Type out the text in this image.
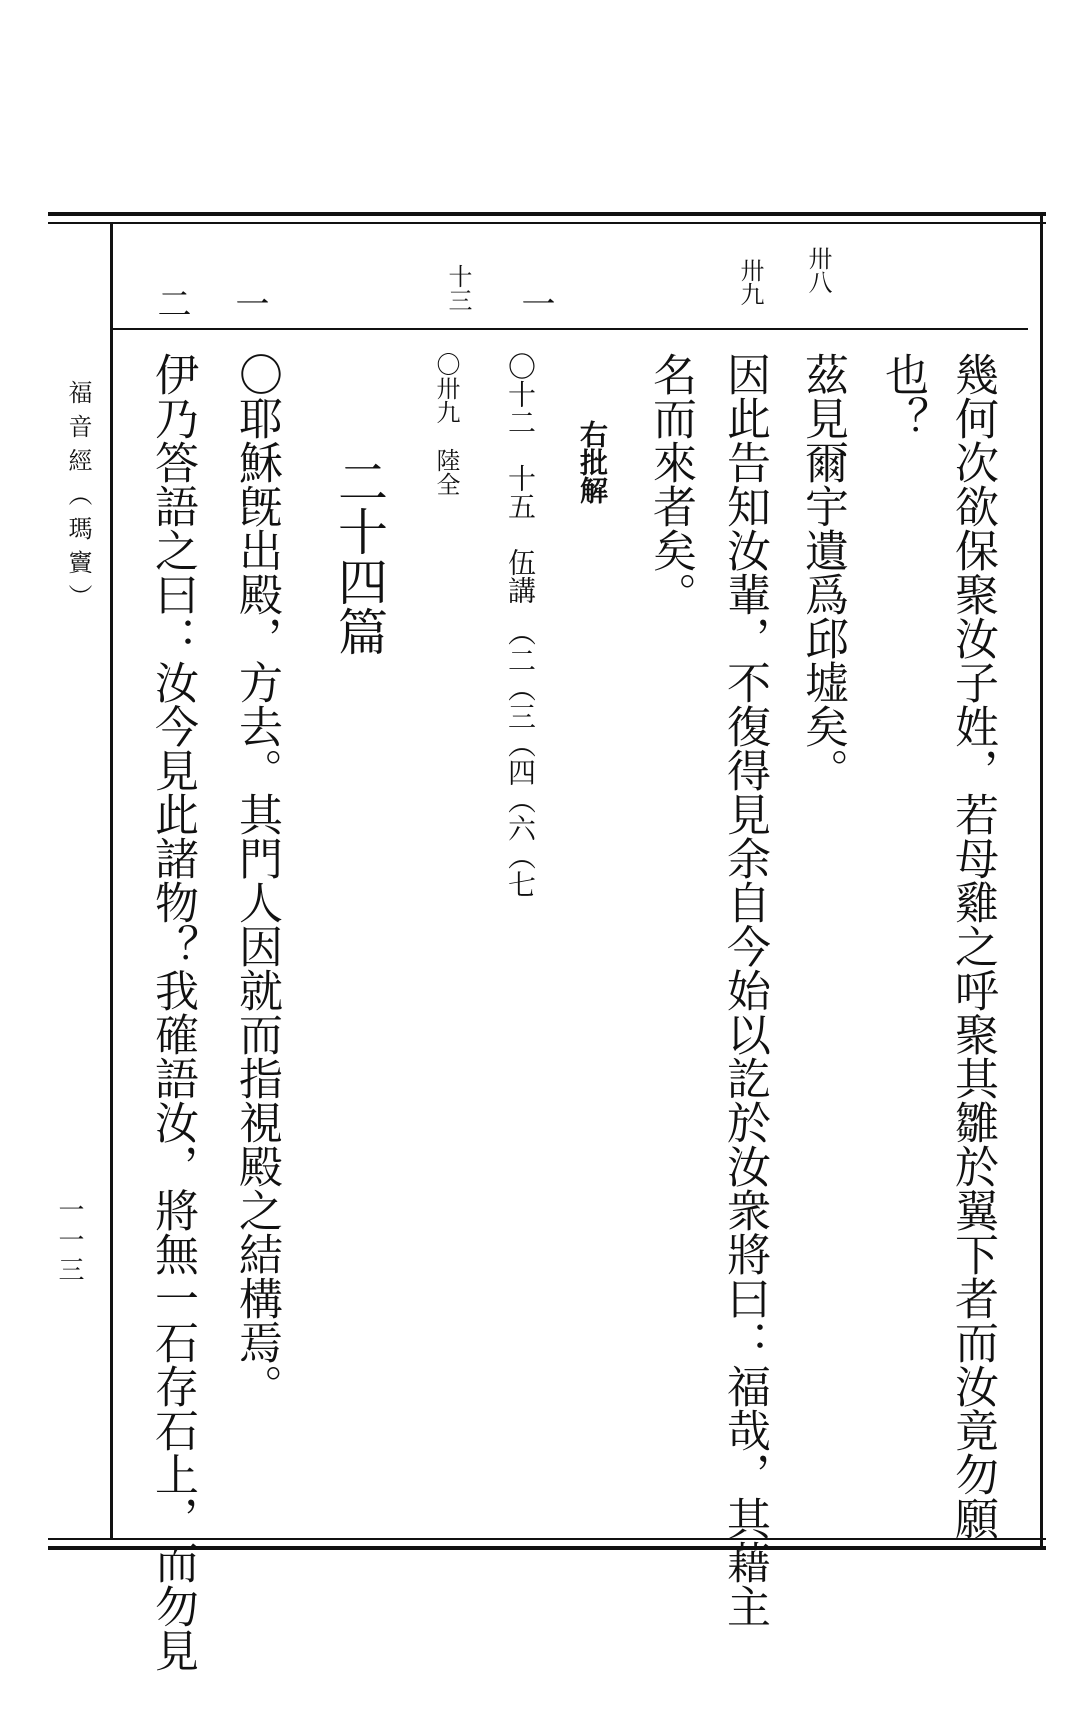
福音經（瑪竇）
一一三
卅八
卅九
一
十三
一
二
幾何次欲保聚汝子姓，若母雞之呼聚其雛於翼下者而汝竟勿願
也？
茲見爾宇遺爲邱墟矣。
因此告知汝輩，不復得見余自今始以訖於汝衆將曰：福哉，其藉主
名而來者矣。
右批解
〇十二　十五　伍講　（二（三（四（六（七
〇卅九　陸全
二十四篇
〇耶穌旣出殿，方去。其門人因就而指視殿之結構焉。
伊乃答語之曰：汝今見此諸物？我確語汝，將無一石存石上，而勿見
